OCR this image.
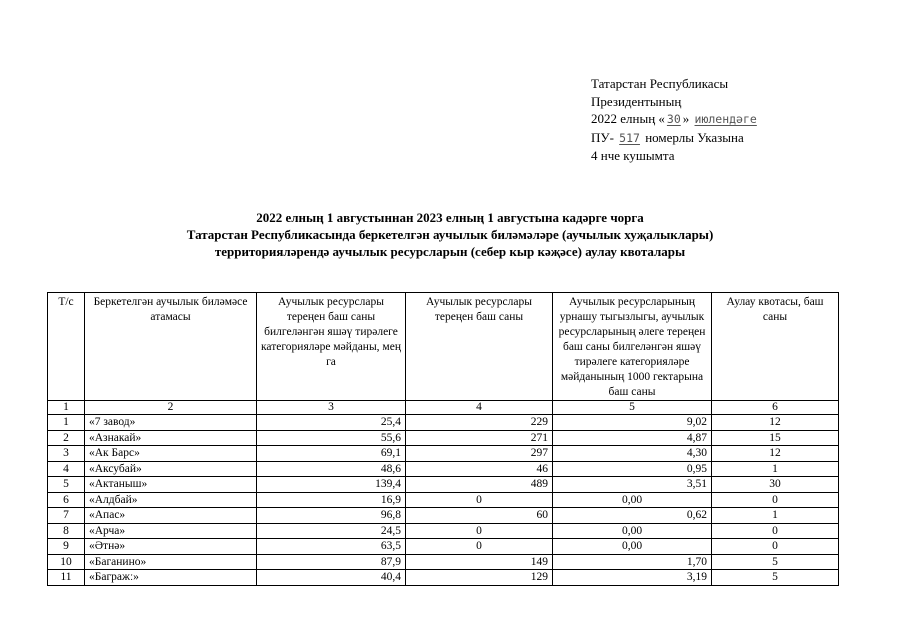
Татарстан Республикасы
Президентының
2022 елның « 30 » июлендәге
ПУ- 517 номерлы Указына
4 нче кушымта
2022 елның 1 августыннан 2023 елның 1 августына кадәрге чорга
Татарстан Республикасында беркетелгән аучылык биләмәләре (аучылык хуҗалыклары)
территорияләрендә аучылык ресурсларын (себер кыр кәҗәсе) аулау квоталары
Т/с	Беркетелгән аучылык биләмәсе атамасы	Аучылык ресурслары тереңен баш саны билгеләнгән яшәү тирәлеге категорияләре мәйданы, мең га	Аучылык ресурслары тереңен баш саны	Аучылык ресурсларының урнашу тыгызлыгы, аучылык ресурсларының әлеге тереңен баш саны билгеләнгән яшәү тирәлеге категорияләре мәйданының 1000 гектарына баш саны	Аулау квотасы, баш саны
1	2	3	4	5	6
1	«7 завод»	25,4	229	9,02	12
2	«Азнакай»	55,6	271	4,87	15
3	«Ак Барс»	69,1	297	4,30	12
4	«Аксубай»	48,6	46	0,95	1
5	«Актаныш»	139,4	489	3,51	30
6	«Алдбай»	16,9	0	0,00	0
7	«Апас»	96,8	60	0,62	1
8	«Арча»	24,5	0	0,00	0
9	«Әтнә»	63,5	0	0,00	0
10	«Баганино»	87,9	149	1,70	5
11	«Багражː»	40,4	129	3,19	5
